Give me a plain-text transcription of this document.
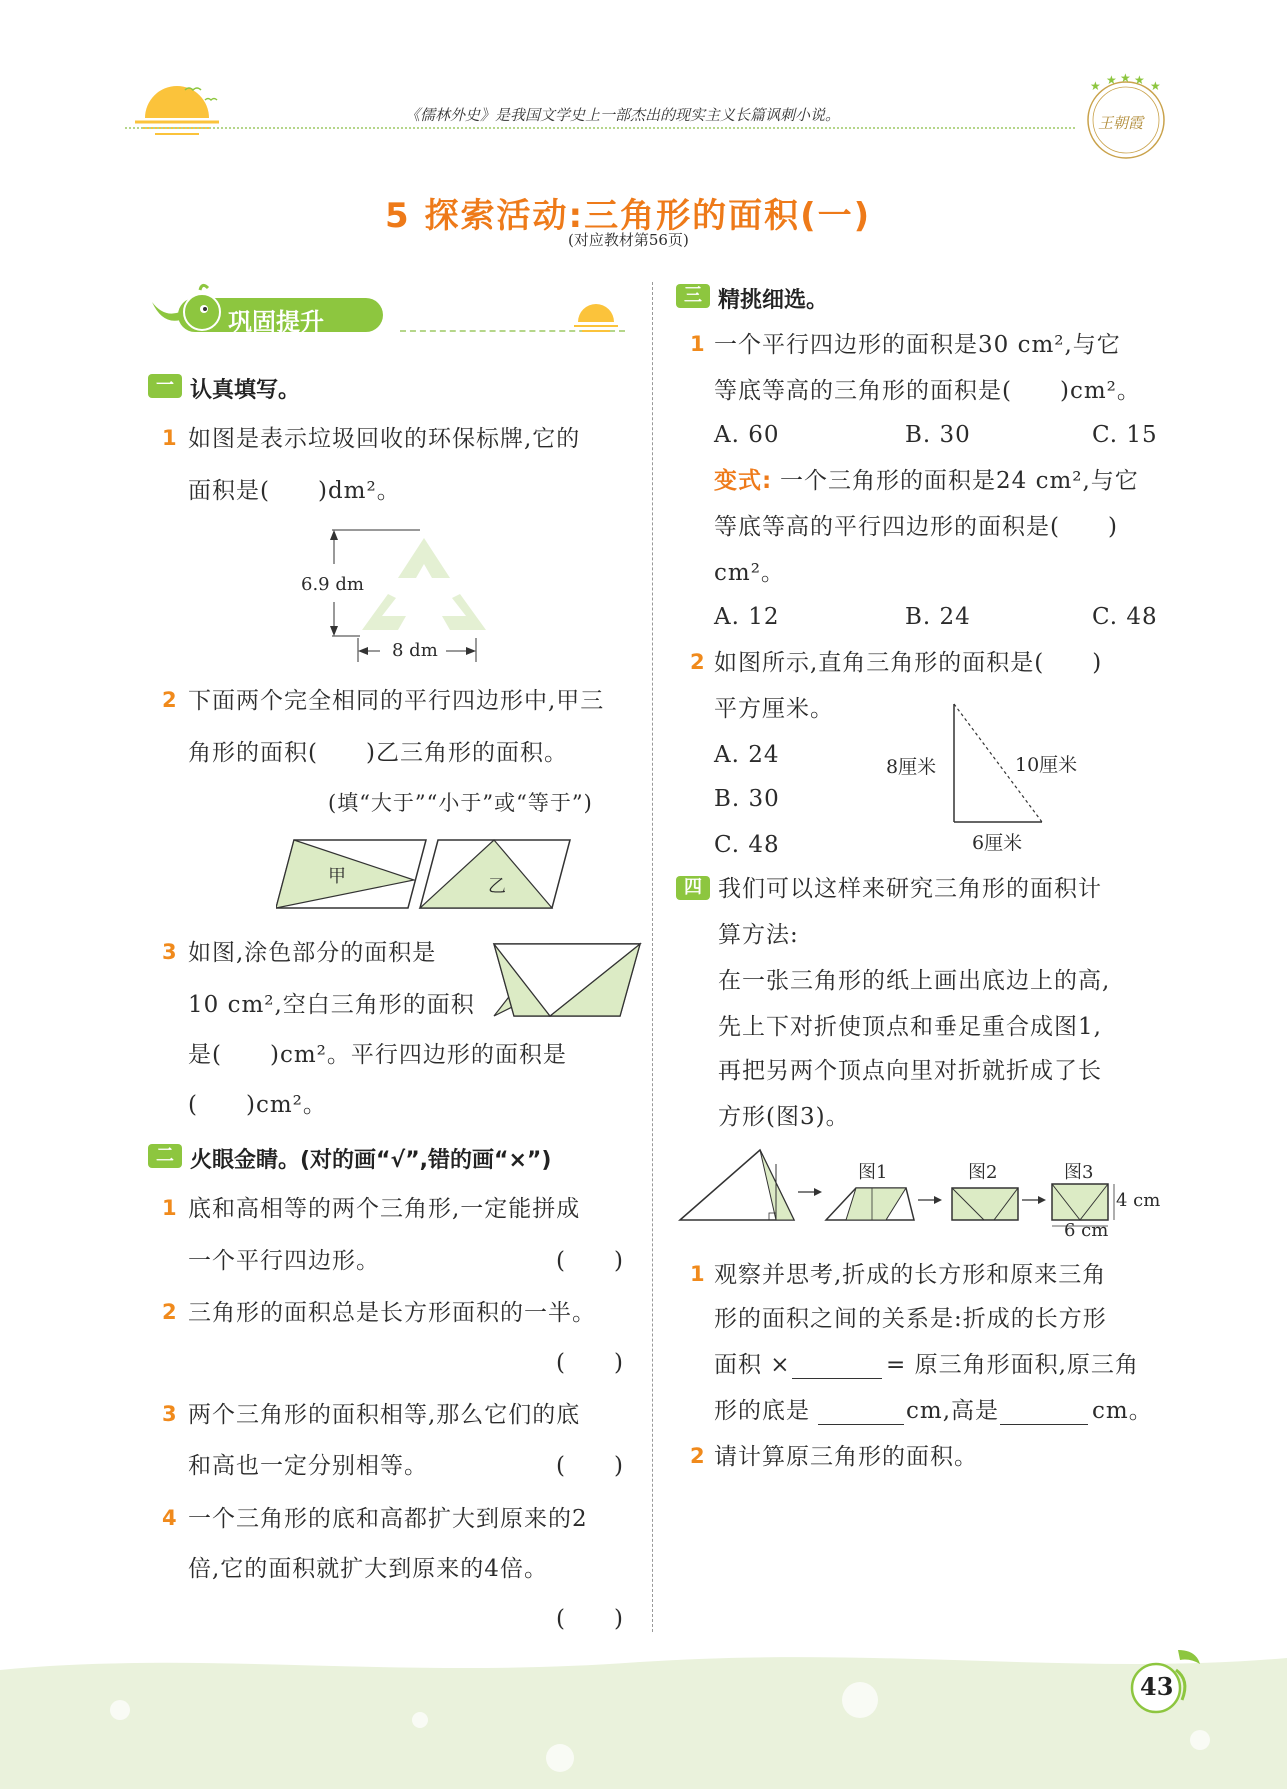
《儒林外史》是我国文学史上一部杰出的现实主义长篇讽刺小说。
★ ★ ★ ★ ★
王朝霞
5 探索活动:三角形的面积(一)
(对应教材第56页)
巩固提升
一 认真填写。
1 如图是表示垃圾回收的环保标牌,它的
面积是(　　)dm²。
6.9 dm
8 dm
2 下面两个完全相同的平行四边形中,甲三
角形的面积(　　)乙三角形的面积。
(填“大于”“小于”或“等于”)
甲	乙
3 如图,涂色部分的面积是
10 cm²,空白三角形的面积
是(　　)cm²。平行四边形的面积是
(　　)cm²。
二 火眼金睛。(对的画“√”,错的画“×”)
1 底和高相等的两个三角形,一定能拼成
一个平行四边形。	(　　)
2 三角形的面积总是长方形面积的一半。
(　　)
3 两个三角形的面积相等,那么它们的底
和高也一定分别相等。	(　　)
4 一个三角形的底和高都扩大到原来的2
倍,它的面积就扩大到原来的4倍。
(　　)
三 精挑细选。
1 一个平行四边形的面积是30 cm²,与它
等底等高的三角形的面积是(　　)cm²。
A. 60	B. 30	C. 15
变式: 一个三角形的面积是24 cm²,与它
等底等高的平行四边形的面积是(　　)
cm²。
A. 12	B. 24	C. 48
2 如图所示,直角三角形的面积是(　　)
平方厘米。
A. 24
B. 30
C. 48
8厘米	10厘米
6厘米
四 我们可以这样来研究三角形的面积计
算方法:
在一张三角形的纸上画出底边上的高,
先上下对折使顶点和垂足重合成图1,
再把另两个顶点向里对折就折成了长
方形(图3)。
图1	图2	图3
4 cm
6 cm
1 观察并思考,折成的长方形和原来三角
形的面积之间的关系是:折成的长方形
面积 ×	= 原三角形面积,原三角
形的底是	cm,高是	cm。
2 请计算原三角形的面积。
43
